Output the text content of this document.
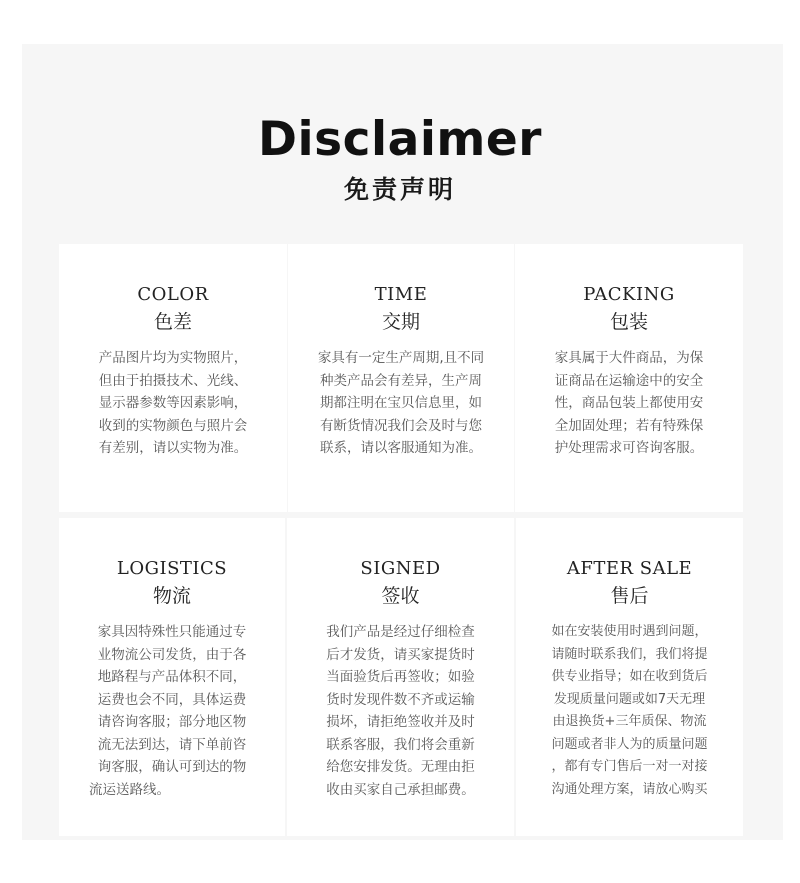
Disclaimer
免责声明
COLOR
色差
产品图片均为实物照片，
但由于拍摄技术、光线、
显示器参数等因素影响，
收到的实物颜色与照片会
有差别，请以实物为准。
TIME
交期
家具有一定生产周期,且不同
种类产品会有差异，生产周
期都注明在宝贝信息里，如
有断货情况我们会及时与您
联系，请以客服通知为准。
PACKING
包装
家具属于大件商品，为保
证商品在运输途中的安全
性，商品包装上都使用安
全加固处理；若有特殊保
护处理需求可咨询客服。
LOGISTICS
物流
家具因特殊性只能通过专
业物流公司发货，由于各
地路程与产品体积不同，
运费也会不同，具体运费
请咨询客服；部分地区物
流无法到达，请下单前咨
询客服，确认可到达的物
流运送路线。
SIGNED
签收
我们产品是经过仔细检查
后才发货，请买家提货时
当面验货后再签收；如验
货时发现件数不齐或运输
损坏，请拒绝签收并及时
联系客服，我们将会重新
给您安排发货。无理由拒
收由买家自己承担邮费。
AFTER SALE
售后
如在安装使用时遇到问题，
请随时联系我们，我们将提
供专业指导；如在收到货后
发现质量问题或如7天无理
由退换货+三年质保、物流
问题或者非人为的质量问题
，都有专门售后一对一对接
沟通处理方案，请放心购买
